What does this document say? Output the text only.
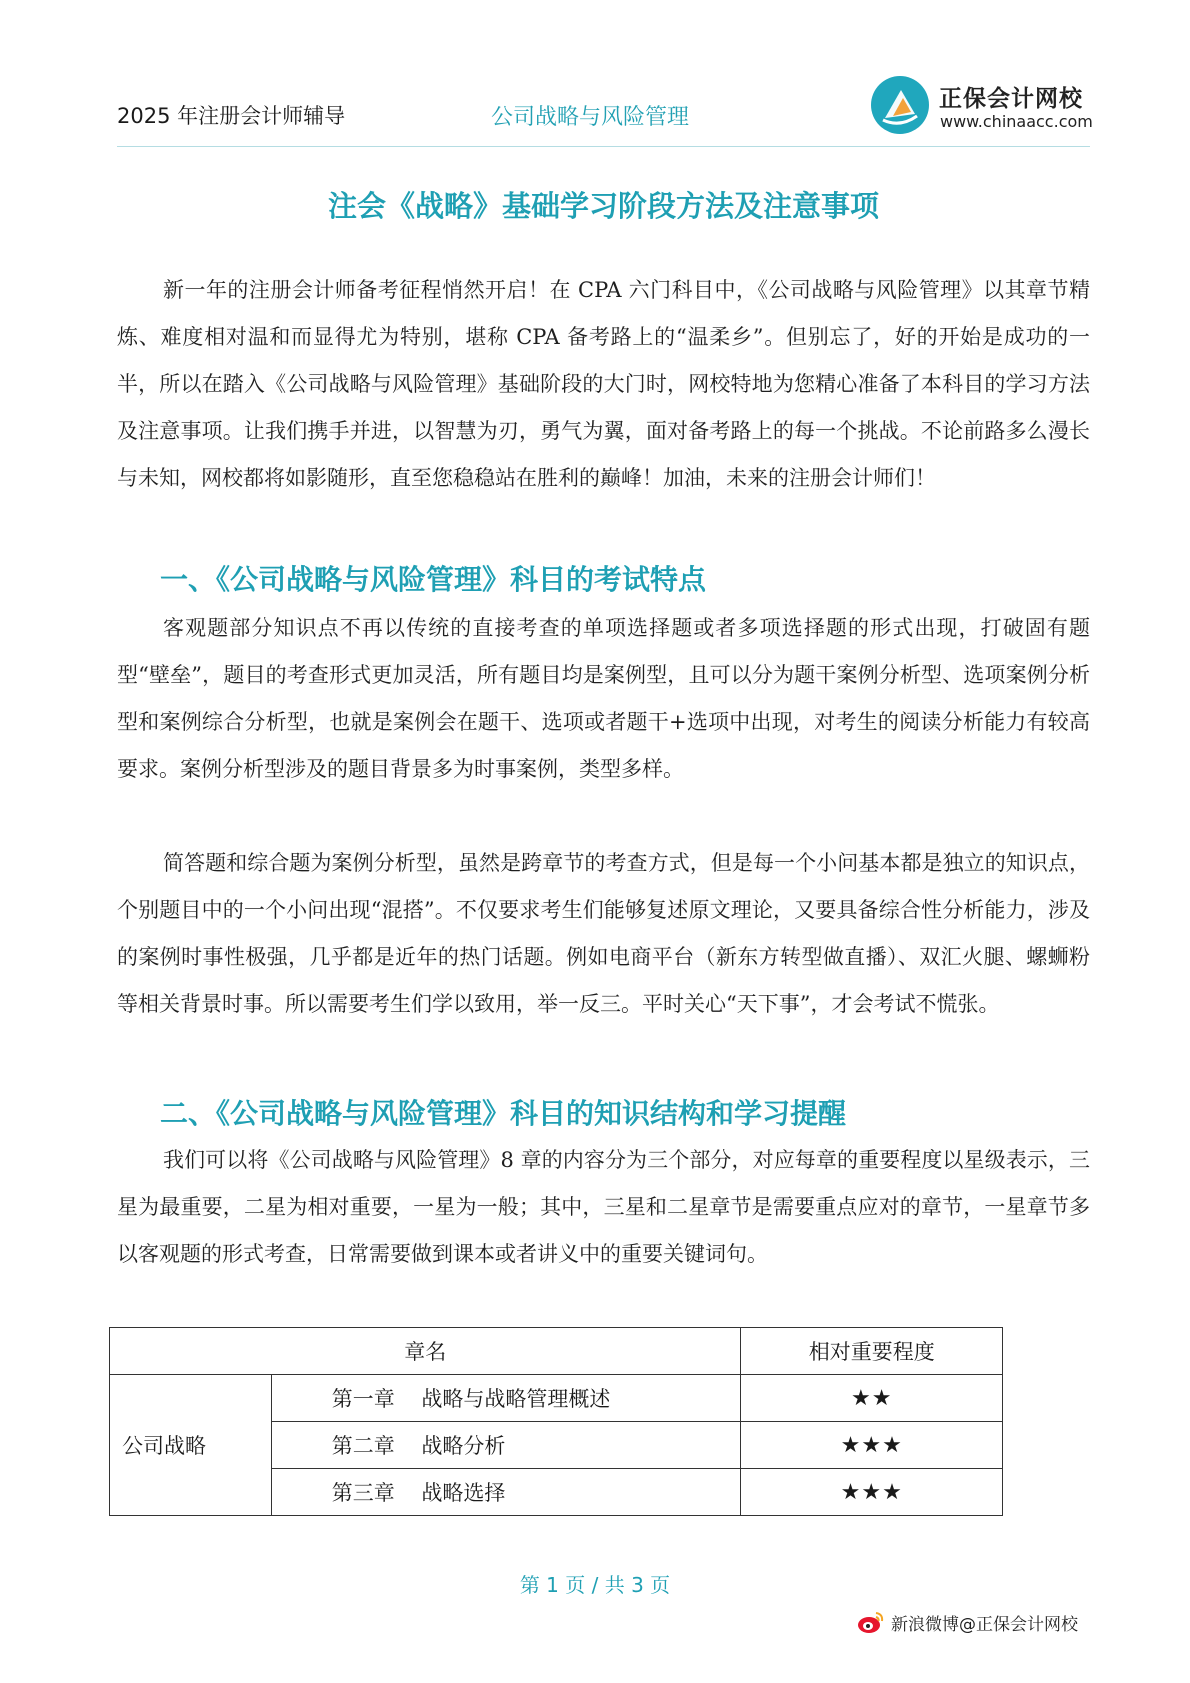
2025 年注册会计师辅导	公司战略与风险管理
正保会计网校
www.chinaacc.com
注会《战略》基础学习阶段方法及注意事项

新一年的注册会计师备考征程悄然开启！在 CPA 六门科目中，《公司战略与风险管理》以其章节精炼、难度相对温和而显得尤为特别，堪称 CPA 备考路上的“温柔乡”。但别忘了，好的开始是成功的一半，所以在踏入《公司战略与风险管理》基础阶段的大门时，网校特地为您精心准备了本科目的学习方法及注意事项。让我们携手并进，以智慧为刃，勇气为翼，面对备考路上的每一个挑战。不论前路多么漫长与未知，网校都将如影随形，直至您稳稳站在胜利的巅峰！加油，未来的注册会计师们！

一、《公司战略与风险管理》科目的考试特点

客观题部分知识点不再以传统的直接考查的单项选择题或者多项选择题的形式出现，打破固有题型“壁垒”，题目的考查形式更加灵活，所有题目均是案例型，且可以分为题干案例分析型、选项案例分析型和案例综合分析型，也就是案例会在题干、选项或者题干+选项中出现，对考生的阅读分析能力有较高要求。案例分析型涉及的题目背景多为时事案例，类型多样。

简答题和综合题为案例分析型，虽然是跨章节的考查方式，但是每一个小问基本都是独立的知识点，个别题目中的一个小问出现“混搭”。不仅要求考生们能够复述原文理论，又要具备综合性分析能力，涉及的案例时事性极强，几乎都是近年的热门话题。例如电商平台（新东方转型做直播）、双汇火腿、螺蛳粉等相关背景时事。所以需要考生们学以致用，举一反三。平时关心“天下事”，才会考试不慌张。

二、《公司战略与风险管理》科目的知识结构和学习提醒

我们可以将《公司战略与风险管理》8 章的内容分为三个部分，对应每章的重要程度以星级表示，三星为最重要，二星为相对重要，一星为一般；其中，三星和二星章节是需要重点应对的章节，一星章节多以客观题的形式考查，日常需要做到课本或者讲义中的重要关键词句。

章名		相对重要程度
公司战略	第一章    战略与战略管理概述	★★
	第二章    战略分析	★★★
	第三章    战略选择	★★★
第 1 页 / 共 3 页
新浪微博@正保会计网校
